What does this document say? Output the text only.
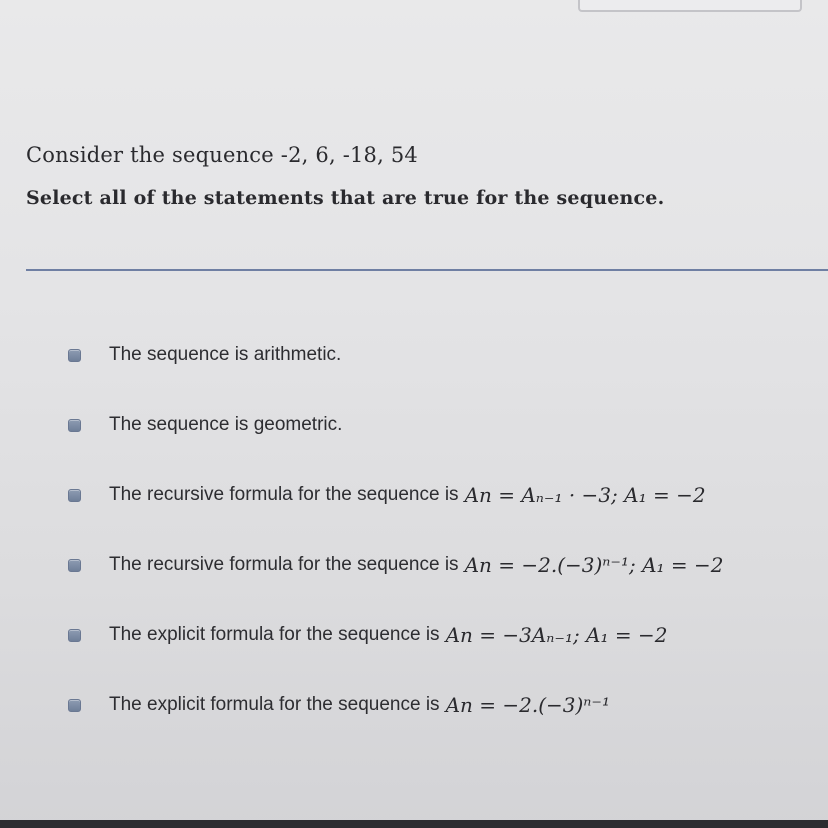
Consider the sequence -2, 6, -18, 54
Select all of the statements that are true for the sequence.
The sequence is arithmetic.
The sequence is geometric.
The recursive formula for the sequence is An = Aₙ₋₁ · −3; A₁ = −2
The recursive formula for the sequence is An = −2.(−3)ⁿ⁻¹; A₁ = −2
The explicit formula for the sequence is An = −3Aₙ₋₁; A₁ = −2
The explicit formula for the sequence is An = −2.(−3)ⁿ⁻¹
